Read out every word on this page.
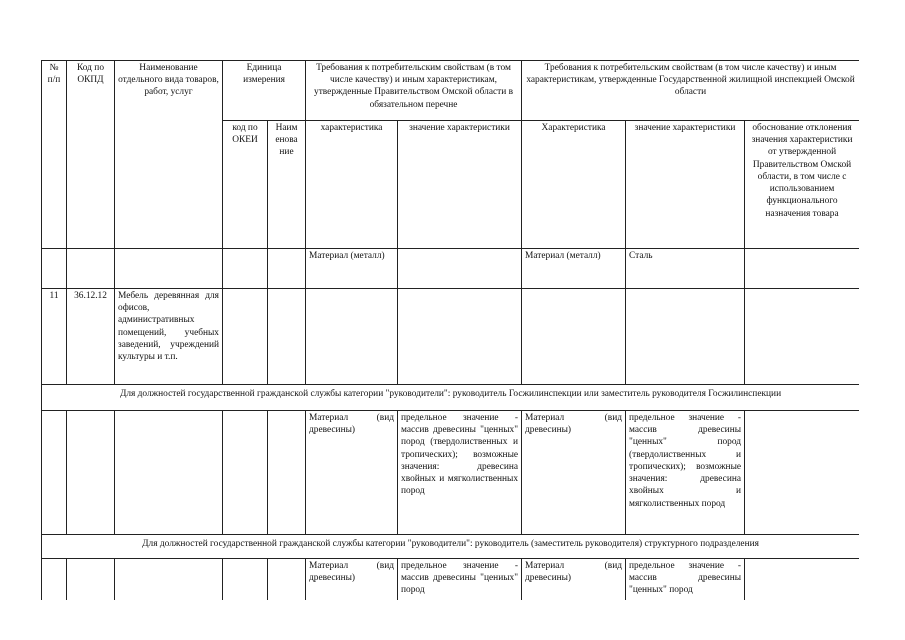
№ п/п	Код по ОКПД	Наименование отдельного вида товаров, работ, услуг	Единица измерения		Требования к потребительским свойствам (в том числе качеству) и иным характеристикам, утвержденные Правительством Омской области в обязательном перечне		Требования к потребительским свойствам (в том числе качеству) и иным характеристикам, утвержденные Государственной жилищной инспекцией Омской области		
			код по ОКЕИ	Наим
енова
ние	характеристика	значение характеристики	Характеристика	значение характеристики	обоснование отклонения значения характеристики от утвержденной Правительством Омской области, в том числе с использованием функционального назначения товара
					Материал (металл)		Материал (металл)	Сталь	
11	36.12.12	Мебель деревянная для офисов, административных помещений, учебных заведений, учреждений культуры и т.п.							
Для должностей государственной гражданской службы категории "руководители": руководитель Госжилинспекции или заместитель руководителя Госжилинспекции									
					Материал (вид древесины)	предельное значение - массив древесины "ценных" пород (твердолиственных и тропических); возможные значения: древесина хвойных и мягколиственных пород	Материал (вид древесины)	предельное значение - массив древесины "ценных" пород (твердолиственных и тропических); возможные значения: древесина хвойных и мягколиственных пород	
Для должностей государственной гражданской службы категории "руководители": руководитель (заместитель руководителя) структурного подразделения									
					Материал (вид древесины)	предельное значение - массив древесины "цениых" пород	Материал (вид древесины)	предельное значение - массив древесины "ценных" пород	
